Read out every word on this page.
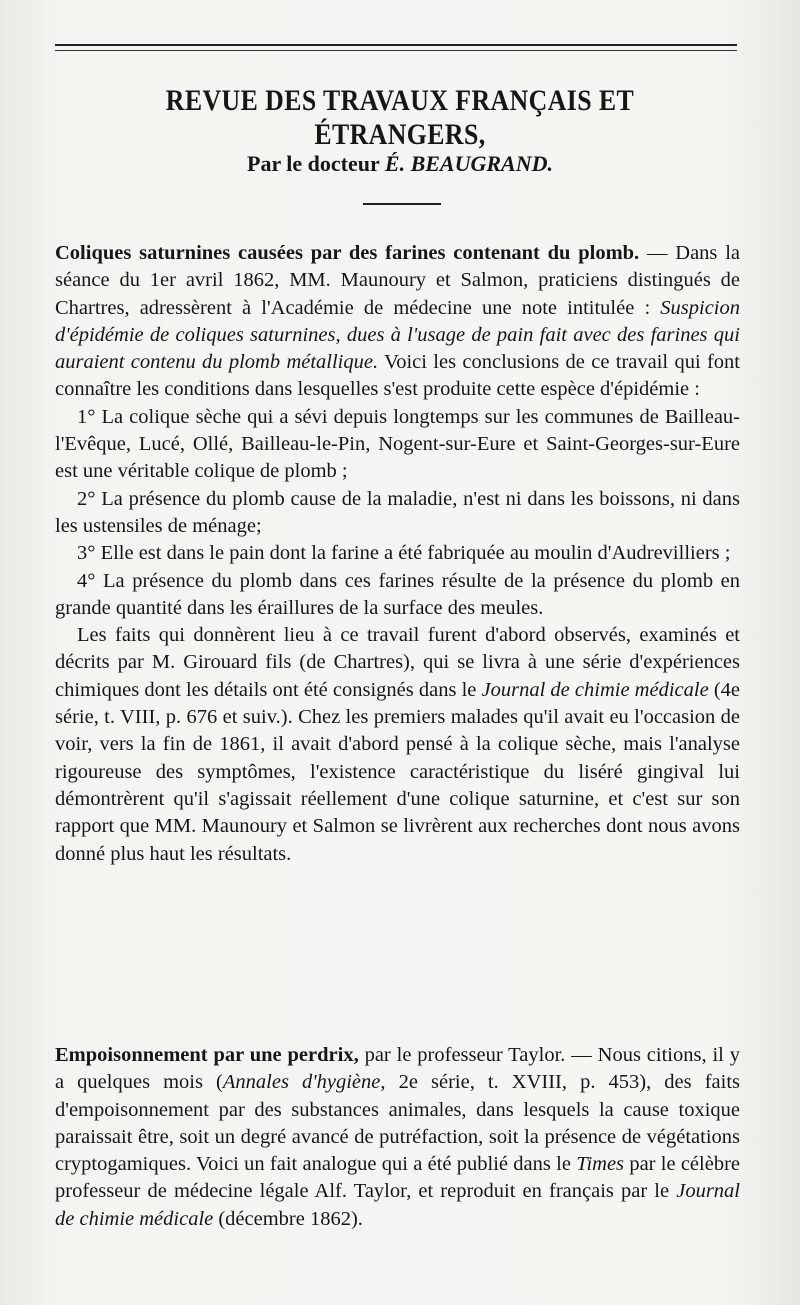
REVUE DES TRAVAUX FRANÇAIS ET ÉTRANGERS,
Par le docteur É. BEAUGRAND.

Coliques saturnines causées par des farines contenant du plomb. — Dans la séance du 1er avril 1862, MM. Maunoury et Salmon, praticiens distingués de Chartres, adressèrent à l'Académie de médecine une note intitulée : Suspicion d'épidémie de coliques saturnines, dues à l'usage de pain fait avec des farines qui auraient contenu du plomb métallique. Voici les conclusions de ce travail qui font connaître les conditions dans lesquelles s'est produite cette espèce d'épidémie :

1° La colique sèche qui a sévi depuis longtemps sur les communes de Bailleau-l'Evêque, Lucé, Ollé, Bailleau-le-Pin, Nogent-sur-Eure et Saint-Georges-sur-Eure est une véritable colique de plomb ;

2° La présence du plomb cause de la maladie, n'est ni dans les boissons, ni dans les ustensiles de ménage;

3° Elle est dans le pain dont la farine a été fabriquée au moulin d'Audrevilliers ;

4° La présence du plomb dans ces farines résulte de la présence du plomb en grande quantité dans les éraillures de la surface des meules.

Les faits qui donnèrent lieu à ce travail furent d'abord observés, examinés et décrits par M. Girouard fils (de Chartres), qui se livra à une série d'expériences chimiques dont les détails ont été consignés dans le Journal de chimie médicale (4e série, t. VIII, p. 676 et suiv.). Chez les premiers malades qu'il avait eu l'occasion de voir, vers la fin de 1861, il avait d'abord pensé à la colique sèche, mais l'analyse rigoureuse des symptômes, l'existence caractéristique du liséré gingival lui démontrèrent qu'il s'agissait réellement d'une colique saturnine, et c'est sur son rapport que MM. Maunoury et Salmon se livrèrent aux recherches dont nous avons donné plus haut les résultats.

Empoisonnement par une perdrix, par le professeur Taylor. — Nous citions, il y a quelques mois (Annales d'hygiène, 2e série, t. XVIII, p. 453), des faits d'empoisonnement par des substances animales, dans lesquels la cause toxique paraissait être, soit un degré avancé de putréfaction, soit la présence de végétations cryptogamiques. Voici un fait analogue qui a été publié dans le Times par le célèbre professeur de médecine légale Alf. Taylor, et reproduit en français par le Journal de chimie médicale (décembre 1862).
